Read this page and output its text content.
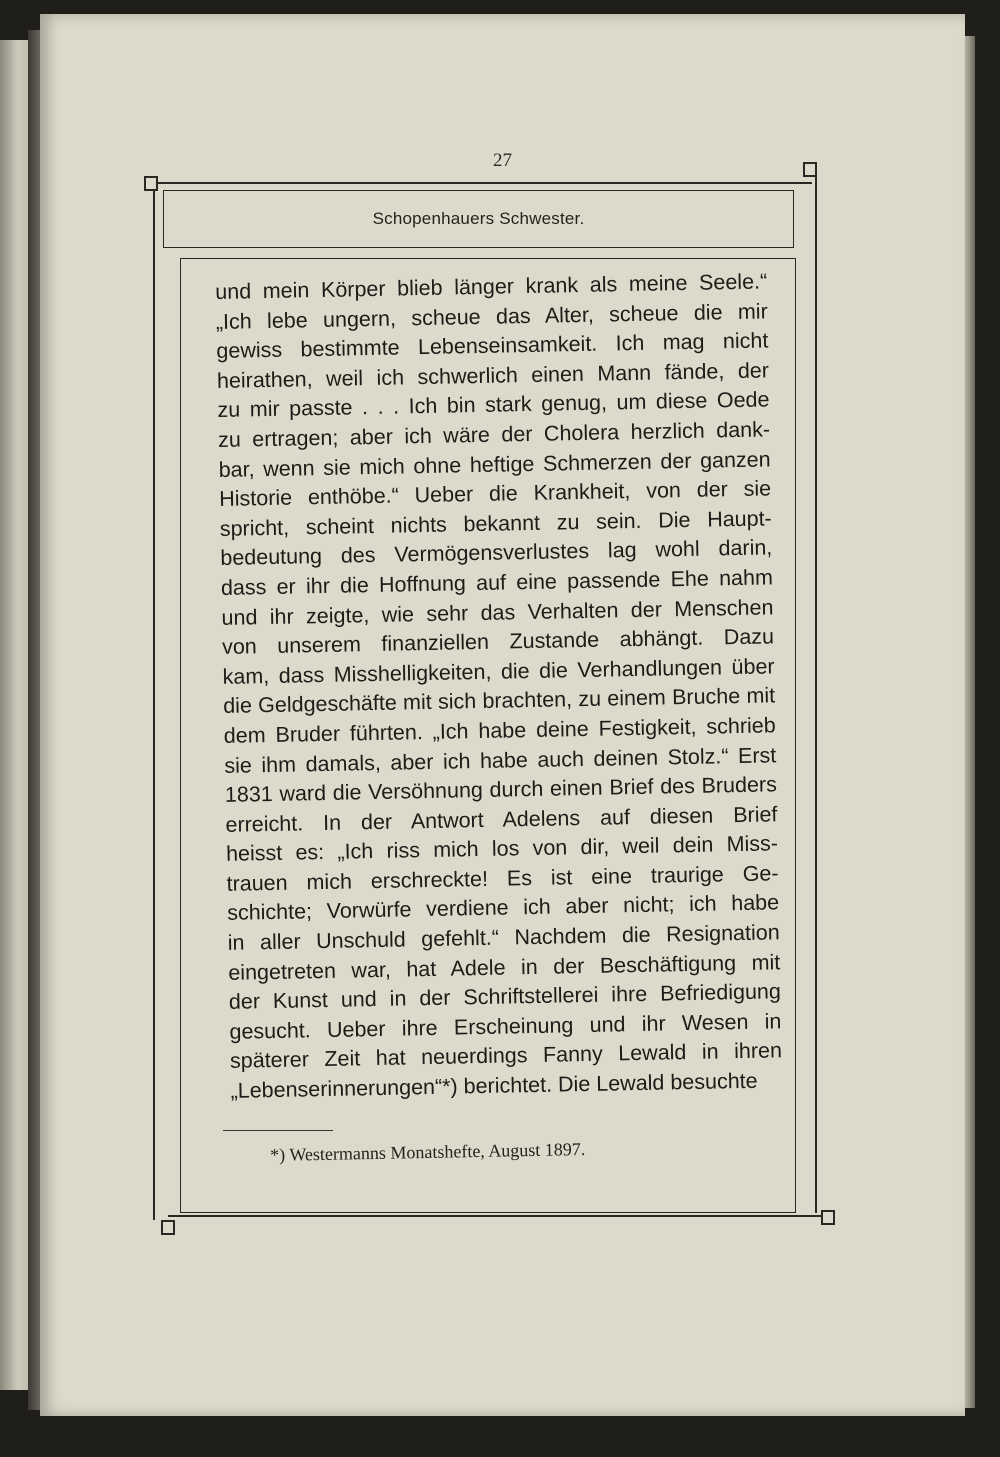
27
Schopenhauers Schwester.
und mein Körper blieb länger krank als meine Seele.“
„Ich lebe ungern, scheue das Alter, scheue die mir
gewiss bestimmte Lebenseinsamkeit. Ich mag nicht
heirathen, weil ich schwerlich einen Mann fände, der
zu mir passte . . . Ich bin stark genug, um diese Oede
zu ertragen; aber ich wäre der Cholera herzlich dank-
bar, wenn sie mich ohne heftige Schmerzen der ganzen
Historie enthöbe.“ Ueber die Krankheit, von der sie
spricht, scheint nichts bekannt zu sein. Die Haupt-
bedeutung des Vermögensverlustes lag wohl darin,
dass er ihr die Hoffnung auf eine passende Ehe nahm
und ihr zeigte, wie sehr das Verhalten der Menschen
von unserem finanziellen Zustande abhängt. Dazu
kam, dass Misshelligkeiten, die die Verhandlungen über
die Geldgeschäfte mit sich brachten, zu einem Bruche mit
dem Bruder führten. „Ich habe deine Festigkeit, schrieb
sie ihm damals, aber ich habe auch deinen Stolz.“ Erst
1831 ward die Versöhnung durch einen Brief des Bruders
erreicht. In der Antwort Adelens auf diesen Brief
heisst es: „Ich riss mich los von dir, weil dein Miss-
trauen mich erschreckte! Es ist eine traurige Ge-
schichte; Vorwürfe verdiene ich aber nicht; ich habe
in aller Unschuld gefehlt.“ Nachdem die Resignation
eingetreten war, hat Adele in der Beschäftigung mit
der Kunst und in der Schriftstellerei ihre Befriedigung
gesucht. Ueber ihre Erscheinung und ihr Wesen in
späterer Zeit hat neuerdings Fanny Lewald in ihren
„Lebenserinnerungen“*) berichtet. Die Lewald besuchte
*) Westermanns Monatshefte, August 1897.
